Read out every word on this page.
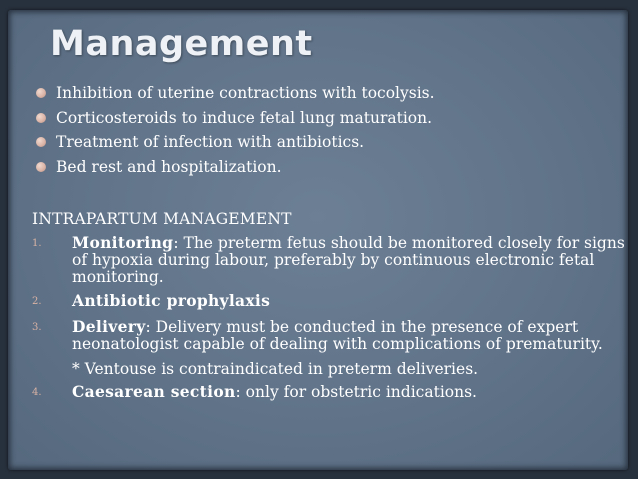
Management
Inhibition of uterine contractions with tocolysis.
Corticosteroids to induce fetal lung maturation.
Treatment of infection with antibiotics.
Bed rest and hospitalization.
INTRAPARTUM MANAGEMENT
1. Monitoring: The preterm fetus should be monitored closely for signs of hypoxia during labour, preferably by continuous electronic fetal monitoring.
2. Antibiotic prophylaxis
3. Delivery: Delivery must be conducted in the presence of expert neonatologist capable of dealing with complications of prematurity.
* Ventouse is contraindicated in preterm deliveries.
4. Caesarean section: only for obstetric indications.
